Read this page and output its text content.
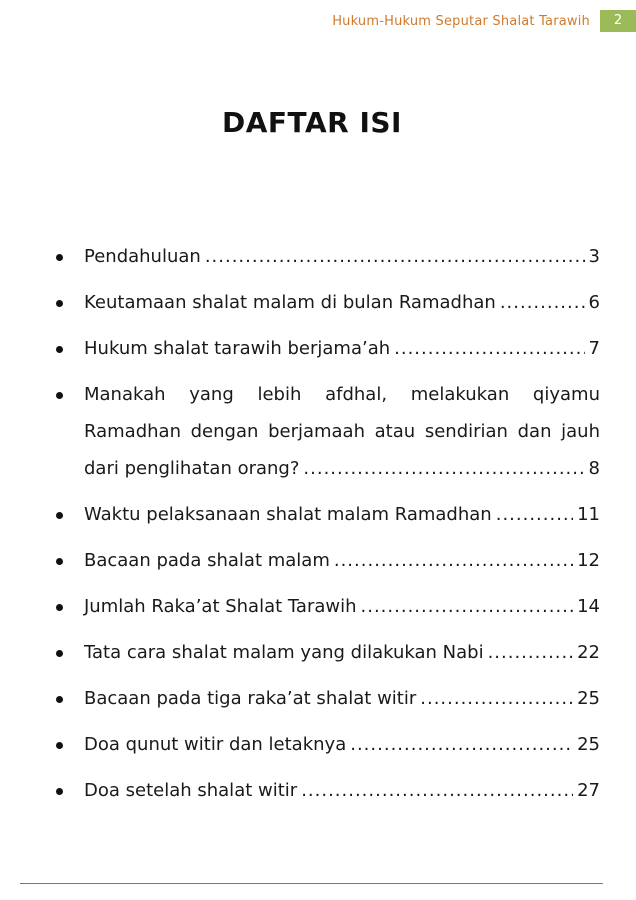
Hukum-Hukum Seputar Shalat Tarawih	2
DAFTAR ISI
Pendahuluan .....	3
Keutamaan shalat malam di bulan Ramadhan .....	6
Hukum shalat tarawih berjama’ah .....	7
Manakah yang lebih afdhal, melakukan qiyamu
Ramadhan dengan berjamaah atau sendirian dan jauh
dari penglihatan orang? .....	8
Waktu pelaksanaan shalat malam Ramadhan .....	11
Bacaan pada shalat malam .....	12
Jumlah Raka’at Shalat Tarawih .....	14
Tata cara shalat malam yang dilakukan Nabi .....	22
Bacaan pada tiga raka’at shalat witir .....	25
Doa qunut witir dan letaknya .....	25
Doa setelah shalat witir .....	27
